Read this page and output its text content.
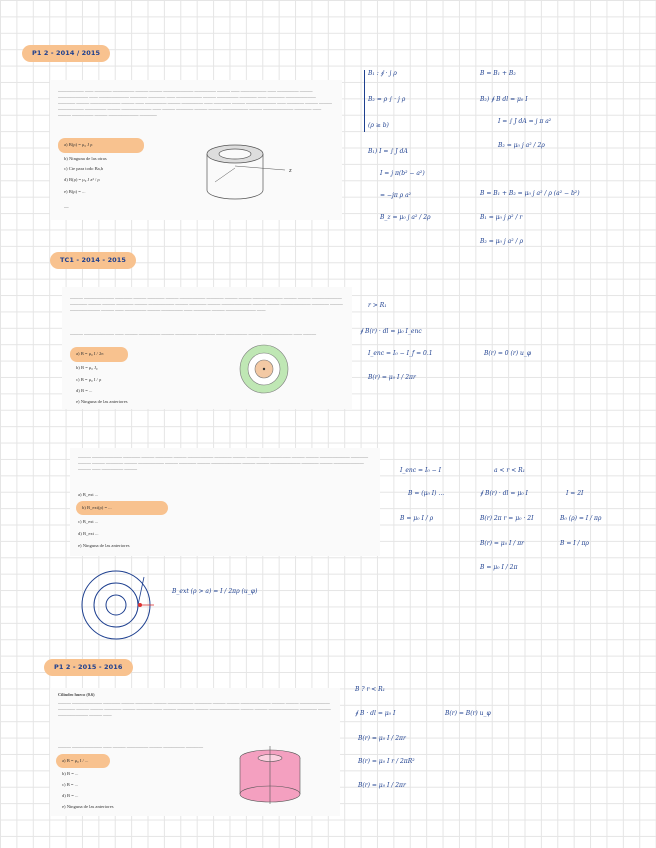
P1 2 - 2014 / 2015
TC1 - 2014 - 2015
P1 2 - 2015 - 2016
—————— —— ———— ————— ——— ——— ——————— ————— ——— —— —————— —— ————— ——— ——————— —— ——————— ———— ———— —— —————— ——— ————— ———— —— ———— ——————— ———— ——— ——————— ——— —— ————— ——— ————— —— ———— ——— ——————— —— ———— ——— ——— —————— ————— ——— ——————— —— ——— ———— ——— ——— —————— ——— ——————— ———— —— ——— ————— ——— ——————— ————
a) B(ρ) = μ₀ J ρ
b) Ninguna de las otras
c) Cte para todo Ba,b
d) B(ρ) = μ₀ J a² / ρ
e) B(ρ) = ...
—
z
B₁ : ∮ · j ρ
B₂ = ρ ∫ · j ρ
(ρ ≥ b)
B₁) I = ∫ J dA
I = j π(b² − a²)
= −jπ ρ a²
B_z = μ₀ j a² / 2ρ
B = B₁ + B₂
B₂) ∮ B dl = μ₀ I
I = ∫ J dA = j π a²
B₂ = μ₀ j a² / 2ρ
B = B₁ + B₂ = μ₀ j a² / ρ (a² − b²)
B₁ = μ₀ j ρ² / r
B₂ = μ₀ j a² / ρ
——— ——————— ———— ——— ———— ——— —————— ———— ——— ——— ——————— ——— ——— ——————— ———— ——— ——— ———— ——— —————— ——— ———— ——— ——————— ——— ——— ——————— ———— ——— ——————— ——— —— ————— ——— ————— —— ———— ——— ——————— ——
——— ——————— —— ——— ————— ——— ————— ———— —— ————— ——— ——————— —— ———
a) B = μ₀ I / 2π
b) B = μ₀ J₀
c) B = μ₀ I / ρ
d) B = ...
e) Ninguna de las anteriores
r > R₁
∮ B(r) · dl = μ₀ I_enc
I_enc = I₀ − I_f = 0.1	B(r) = 0 (r) u_φ
B(r) = μ₀ I / 2πr
——— ——————— ———— ——— ———— ——— —————— ———— ——— ——— ——————— ——— ——— ——————— ———— ——— ——— ———— ——— —————— ——— ———— ——— ——————— ——— ——— ——————— ———— ——— ——————— ——— —— ————— ———
a) B_ext ...
b) B_ext(ρ) = ...
c) B_ext ...
d) B_ext ...
e) Ninguna de las anteriores
B_ext (ρ > a) = I / 2πρ (u_φ)
I_enc = I₀ − I	a < r < R₁
B = (μ₀ I) ...	∮ B(r) · dl = μ₀ I	I = 2I
B = μ₀ I / ρ	B(r) 2π r = μ₀ · 2I	B₀ (ρ) = I / πρ
B(r) = μ₀ I / πr	B = I / πρ
B = μ₀ I / 2π
Cilindro hueco (0.6)
——— ——————— ———— ——— ———— ——— —————— ———— ——— ——— ——————— ——— ——— ——————— ———— ——— ——— ———— ——— —————— ——— ———— ——— ——————— ——— ——— ——————— ———— ——— ——————— ——— ——
——— ——————— —— ——— ————— ——— ————— ————
a) B = μ₀ I / ...
b) B = ...
c) B = ...
d) B = ...
e) Ninguna de las anteriores
B ? r < R₁
∮ B · dl = μ₀ I	B(r) = B(r) u_φ
B(r) = μ₀ I / 2πr
B(r) = μ₀ I r / 2πR²
B(r) = μ₀ I / 2πr
